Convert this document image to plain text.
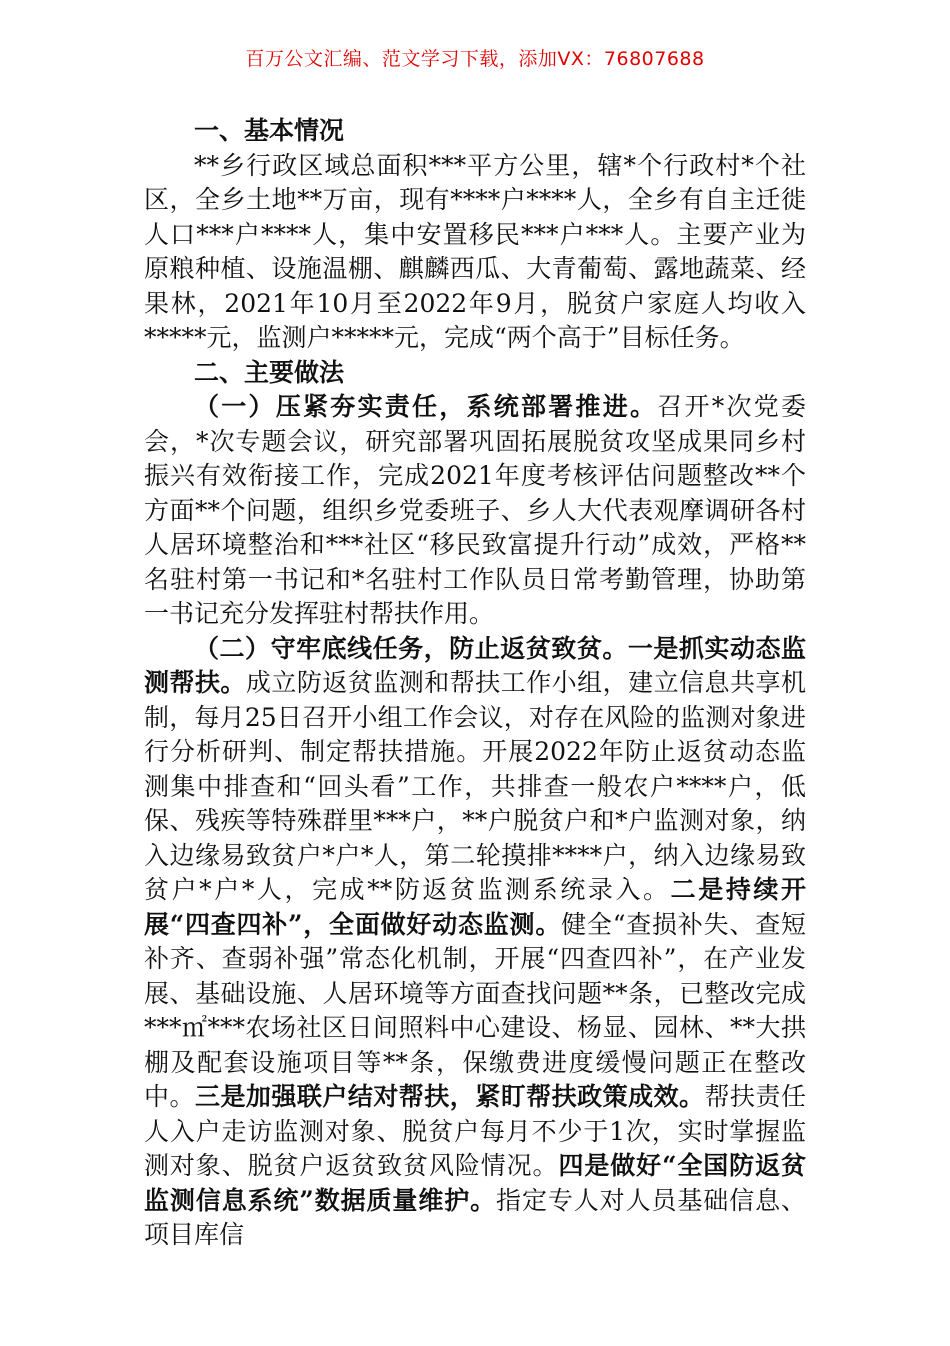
百万公文汇编、范文学习下载，添加VX：76807688

一、基本情况

**乡行政区域总面积***平方公里，辖*个行政村*个社区，全乡土地**万亩，现有****户****人，全乡有自主迁徙人口***户****人，集中安置移民***户***人。主要产业为原粮种植、设施温棚、麒麟西瓜、大青葡萄、露地蔬菜、经果林，2021年10月至2022年9月，脱贫户家庭人均收入*****元，监测户*****元，完成“两个高于”目标任务。

二、主要做法

（一）压紧夯实责任，系统部署推进。召开*次党委会，*次专题会议，研究部署巩固拓展脱贫攻坚成果同乡村振兴有效衔接工作，完成2021年度考核评估问题整改**个方面**个问题，组织乡党委班子、乡人大代表观摩调研各村人居环境整治和***社区“移民致富提升行动”成效，严格**名驻村第一书记和*名驻村工作队员日常考勤管理，协助第一书记充分发挥驻村帮扶作用。

（二）守牢底线任务，防止返贫致贫。一是抓实动态监测帮扶。成立防返贫监测和帮扶工作小组，建立信息共享机制，每月25日召开小组工作会议，对存在风险的监测对象进行分析研判、制定帮扶措施。开展2022年防止返贫动态监测集中排查和“回头看”工作，共排查一般农户****户，低保、残疾等特殊群里***户，**户脱贫户和*户监测对象，纳入边缘易致贫户*户*人，第二轮摸排****户，纳入边缘易致贫户*户*人，完成**防返贫监测系统录入。二是持续开展“四查四补”，全面做好动态监测。健全“查损补失、查短补齐、查弱补强”常态化机制，开展“四查四补”，在产业发展、基础设施、人居环境等方面查找问题**条，已整改完成***㎡***农场社区日间照料中心建设、杨显、园林、**大拱棚及配套设施项目等**条，保缴费进度缓慢问题正在整改中。三是加强联户结对帮扶，紧盯帮扶政策成效。帮扶责任人入户走访监测对象、脱贫户每月不少于1次，实时掌握监测对象、脱贫户返贫致贫风险情况。四是做好“全国防返贫监测信息系统”数据质量维护。指定专人对人员基础信息、项目库信
